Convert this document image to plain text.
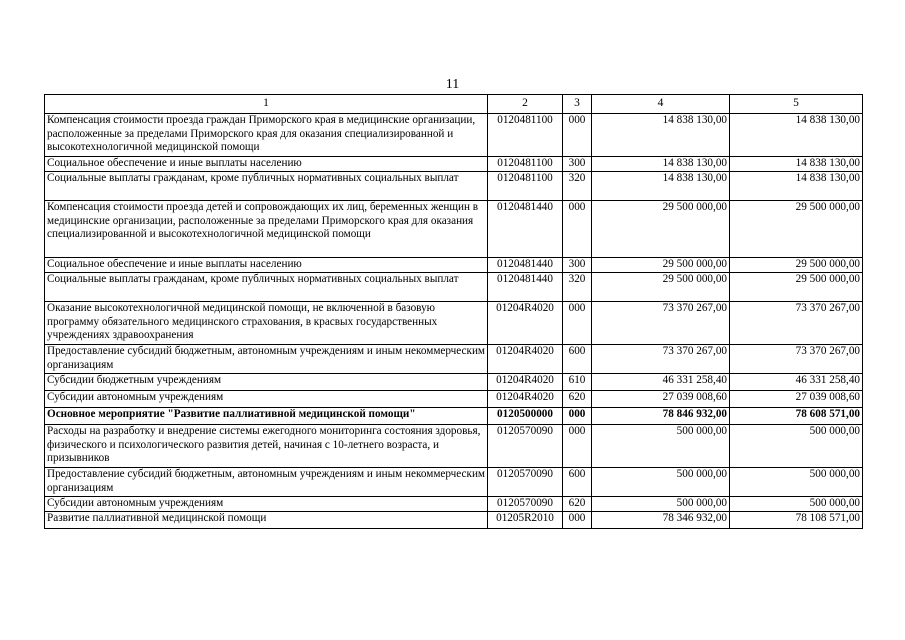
11
1	2	3	4	5
Компенсация стоимости проезда граждан Приморского края в медицинские организации, расположенные за пределами Приморского края для оказания специализированной и высокотехнологичной медицинской помощи	0120481100	000	14 838 130,00	14 838 130,00
Социальное обеспечение и иные выплаты населению	0120481100	300	14 838 130,00	14 838 130,00
Социальные выплаты гражданам, кроме публичных нормативных социальных выплат	0120481100	320	14 838 130,00	14 838 130,00
Компенсация стоимости проезда детей и сопровождающих их лиц, беременных женщин в медицинские организации, расположенные за пределами Приморского края для оказания специализированной и высокотехнологичной медицинской помощи	0120481440	000	29 500 000,00	29 500 000,00
Социальное обеспечение и иные выплаты населению	0120481440	300	29 500 000,00	29 500 000,00
Социальные выплаты гражданам, кроме публичных нормативных социальных выплат	0120481440	320	29 500 000,00	29 500 000,00
Оказание высокотехнологичной медицинской помощи, не включенной в базовую программу обязательного медицинского страхования, в красвых государственных учреждениях здравоохранения	01204R4020	000	73 370 267,00	73 370 267,00
Предоставление субсидий бюджетным, автономным учреждениям и иным некоммерческим организациям	01204R4020	600	73 370 267,00	73 370 267,00
Субсидии бюджетным учреждениям	01204R4020	610	46 331 258,40	46 331 258,40
Субсидии автономным учреждениям	01204R4020	620	27 039 008,60	27 039 008,60
Основное мероприятие "Развитие паллиативной медицинской помощи"	0120500000	000	78 846 932,00	78 608 571,00
Расходы на разработку и внедрение системы ежегодного мониторинга состояния здоровья, физического и психологического развития детей, начиная с 10-летнего возраста, и призывников	0120570090	000	500 000,00	500 000,00
Предоставление субсидий бюджетным, автономным учреждениям и иным некоммерческим организациям	0120570090	600	500 000,00	500 000,00
Субсидии автономным учреждениям	0120570090	620	500 000,00	500 000,00
Развитие паллиативной медицинской помощи	01205R2010	000	78 346 932,00	78 108 571,00
